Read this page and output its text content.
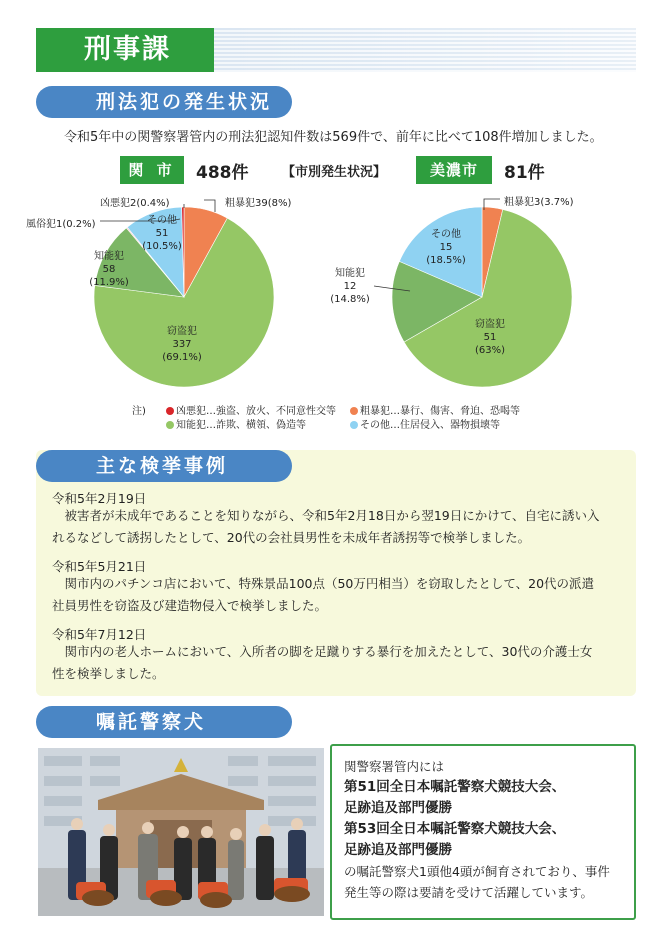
刑事課
刑法犯の発生状況
令和5年中の関警察署管内の刑法犯認知件数は569件で、前年に比べて108件増加しました。
関 市	488件	【市別発生状況】	美濃市	81件
凶悪犯2(0.4%)	粗暴犯39(8%)
風俗犯1(0.2%)	その他
51
(10.5%)
知能犯
58
(11.9%)
窃盗犯
337
(69.1%)
粗暴犯3(3.7%)
その他
15
(18.5%)
知能犯
12
(14.8%)
窃盗犯
51
(63%)
注)	凶悪犯…強盗、放火、不同意性交等	粗暴犯…暴行、傷害、脅迫、恐喝等
知能犯…詐欺、横領、偽造等	その他…住居侵入、器物損壊等
主な検挙事例
令和5年2月19日
被害者が未成年であることを知りながら、令和5年2月18日から翌19日にかけて、自宅に誘い入
れるなどして誘拐したとして、20代の会社員男性を未成年者誘拐等で検挙しました。
令和5年5月21日
関市内のパチンコ店において、特殊景品100点（50万円相当）を窃取したとして、20代の派遣
社員男性を窃盗及び建造物侵入で検挙しました。
令和5年7月12日
関市内の老人ホームにおいて、入所者の脚を足蹴りする暴行を加えたとして、30代の介護士女
性を検挙しました。
嘱託警察犬
関警察署管内には
第51回全日本嘱託警察犬競技大会、
足跡追及部門優勝
第53回全日本嘱託警察犬競技大会、
足跡追及部門優勝
の嘱託警察犬1頭他4頭が飼育されており、事件
発生等の際は要請を受けて活躍しています。
